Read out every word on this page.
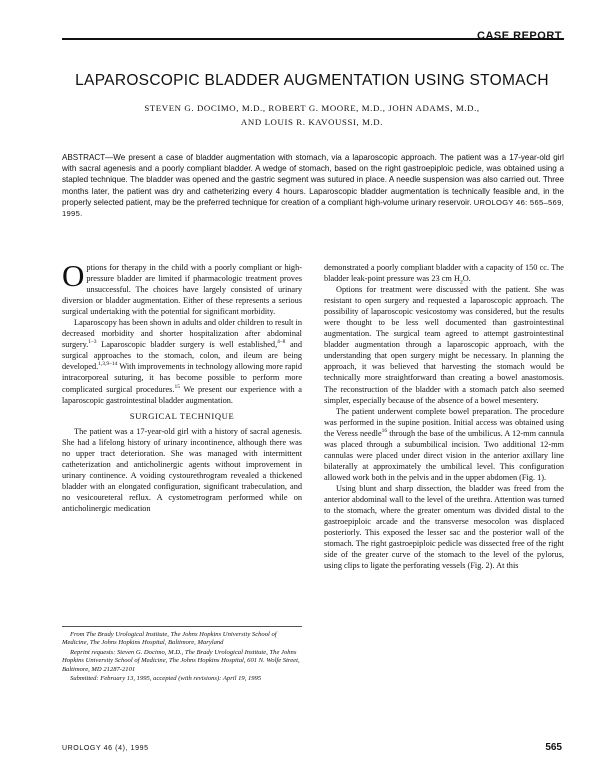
CASE REPORT
LAPAROSCOPIC BLADDER AUGMENTATION USING STOMACH
STEVEN G. DOCIMO, M.D., ROBERT G. MOORE, M.D., JOHN ADAMS, M.D.,
AND LOUIS R. KAVOUSSI, M.D.
ABSTRACT—We present a case of bladder augmentation with stomach, via a laparoscopic approach. The patient was a 17-year-old girl with sacral agenesis and a poorly compliant bladder. A wedge of stomach, based on the right gastroepiploic pedicle, was obtained using a stapled technique. The bladder was opened and the gastric segment was sutured in place. A needle suspension was also carried out. Three months later, the patient was dry and catheterizing every 4 hours. Laparoscopic bladder augmentation is technically feasible and, in the properly selected patient, may be the preferred technique for creation of a compliant high-volume urinary reservoir. UROLOGY 46: 565–569, 1995.

Options for therapy in the child with a poorly compliant or high-pressure bladder are limited if pharmacologic treatment proves unsuccessful. The choices have largely consisted of urinary diversion or bladder augmentation. Either of these represents a serious surgical undertaking with the potential for significant morbidity.

Laparoscopy has been shown in adults and older children to result in decreased morbidity and shorter hospitalization after abdominal surgery.$^{1-3}$ Laparoscopic bladder surgery is well established,$^{4-8}$ and surgical approaches to the stomach, colon, and ileum are being developed.$^{1,3,9-14}$ With improvements in technology allowing more rapid intracorporeal suturing, it has become possible to perform more complicated surgical procedures.$^{15}$ We present our experience with a laparoscopic gastrointestinal bladder augmentation.

SURGICAL TECHNIQUE

The patient was a 17-year-old girl with a history of sacral agenesis. She had a lifelong history of urinary incontinence, although there was no upper tract deterioration. She was managed with intermittent catheterization and anticholinergic agents without improvement in urinary continence. A voiding cystourethrogram revealed a thickened bladder with an elongated configuration, significant trabeculation, and no vesicoureteral reflux. A cystometrogram performed while on anticholinergic medication

From The Brady Urological Institute, The Johns Hopkins University School of Medicine, The Johns Hopkins Hospital, Baltimore, Maryland

Reprint requests: Steven G. Docimo, M.D., The Brady Urological Institute, The Johns Hopkins University School of Medicine, The Johns Hopkins Hospital, 601 N. Wolfe Street, Baltimore, MD 21287-2101

Submitted: February 13, 1995, accepted (with revisions): April 19, 1995

demonstrated a poorly compliant bladder with a capacity of 150 cc. The bladder leak-point pressure was 23 cm $H_2O$.

Options for treatment were discussed with the patient. She was resistant to open surgery and requested a laparoscopic approach. The possibility of laparoscopic vesicostomy was considered, but the results were thought to be less well documented than gastrointestinal augmentation. The surgical team agreed to attempt gastrointestinal bladder augmentation through a laparoscopic approach, with the understanding that open surgery might be necessary. In planning the approach, it was believed that harvesting the stomach would be technically more straightforward than creating a bowel anastomosis. The reconstruction of the bladder with a stomach patch also seemed simpler, especially because of the absence of a bowel mesentery.

The patient underwent complete bowel preparation. The procedure was performed in the supine position. Initial access was obtained using the Veress needle$^{16}$ through the base of the umbilicus. A 12-mm cannula was placed through a subumbilical incision. Two additional 12-mm cannulas were placed under direct vision in the anterior axillary line bilaterally at approximately the umbilical level. This configuration allowed work both in the pelvis and in the upper abdomen (Fig. 1).

Using blunt and sharp dissection, the bladder was freed from the anterior abdominal wall to the level of the urethra. Attention was turned to the stomach, where the greater omentum was divided distal to the gastroepiploic arcade and the transverse mesocolon was displaced posteriorly. This exposed the lesser sac and the posterior wall of the stomach. The right gastroepiploic pedicle was dissected free of the right side of the greater curve of the stomach to the level of the pylorus, using clips to ligate the perforating vessels (Fig. 2). At this

UROLOGY 46 (4), 1995	565
